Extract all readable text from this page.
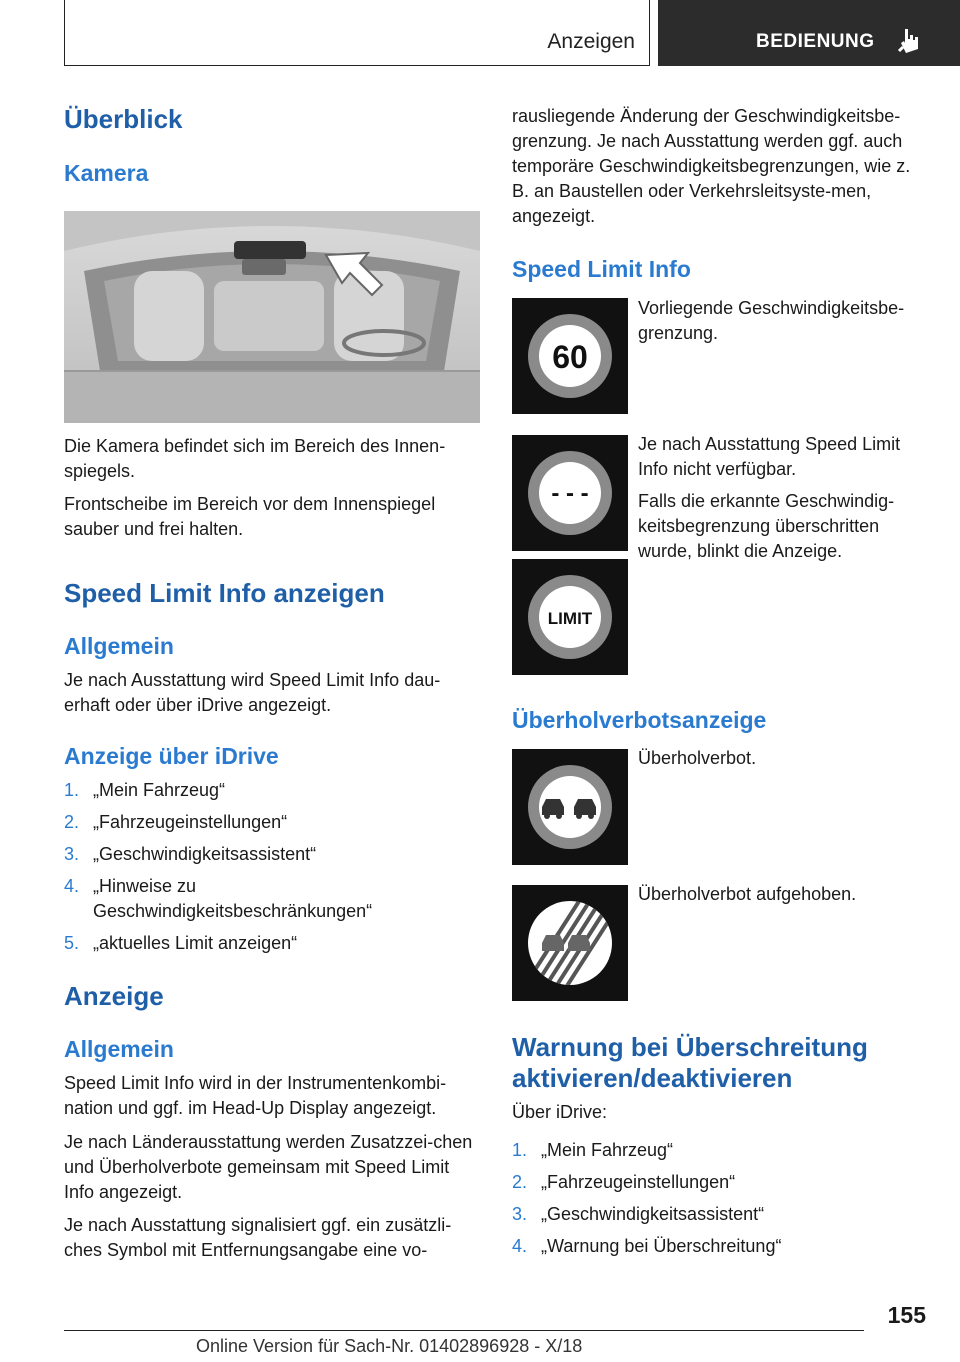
Anzeigen	BEDIENUNG
Überblick
Kamera
Die Kamera befindet sich im Bereich des Innen-spiegels.
Frontscheibe im Bereich vor dem Innenspiegel sauber und frei halten.
Speed Limit Info anzeigen
Allgemein
Je nach Ausstattung wird Speed Limit Info dau-erhaft oder über iDrive angezeigt.
Anzeige über iDrive
1. „Mein Fahrzeug“
2. „Fahrzeugeinstellungen“
3. „Geschwindigkeitsassistent“
4. „Hinweise zu Geschwindigkeitsbeschränkungen“
5. „aktuelles Limit anzeigen“
Anzeige
Allgemein
Speed Limit Info wird in der Instrumentenkombi-nation und ggf. im Head-Up Display angezeigt.
Je nach Länderausstattung werden Zusatzzei-chen und Überholverbote gemeinsam mit Speed Limit Info angezeigt.
Je nach Ausstattung signalisiert ggf. ein zusätzli-ches Symbol mit Entfernungsangabe eine vo-
rausliegende Änderung der Geschwindigkeitsbe-grenzung. Je nach Ausstattung werden ggf. auch temporäre Geschwindigkeitsbegrenzungen, wie z. B. an Baustellen oder Verkehrsleitsyste-men, angezeigt.
Speed Limit Info
60
Vorliegende Geschwindigkeitsbe-grenzung.
- - -
Je nach Ausstattung Speed Limit Info nicht verfügbar.
Falls die erkannte Geschwindig-keitsbegrenzung überschritten wurde, blinkt die Anzeige.
LIMIT
Überholverbotsanzeige
Überholverbot.
Überholverbot aufgehoben.
Warnung bei Überschreitung aktivieren/deaktivieren
Über iDrive:
1. „Mein Fahrzeug“
2. „Fahrzeugeinstellungen“
3. „Geschwindigkeitsassistent“
4. „Warnung bei Überschreitung“
155
Online Version für Sach-Nr. 01402896928 - X/18
